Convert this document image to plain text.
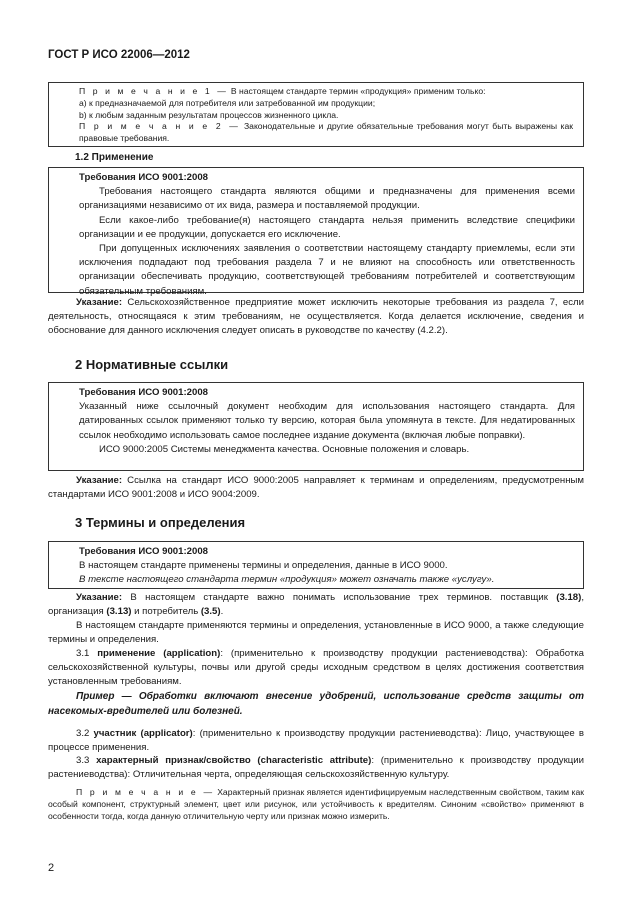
ГОСТ Р ИСО 22006—2012

П р и м е ч а н и е 1 — В настоящем стандарте термин «продукция» применим только:

a) к предназначаемой для потребителя или затребованной им продукции;

b) к любым заданным результатам процессов жизненного цикла.

П р и м е ч а н и е 2 — Законодательные и другие обязательные требования могут быть выражены как правовые требования.

1.2 Применение

Требования ИСО 9001:2008

Требования настоящего стандарта являются общими и предназначены для применения всеми организациями независимо от их вида, размера и поставляемой продукции.

Если какое-либо требование(я) настоящего стандарта нельзя применить вследствие специфики организации и ее продукции, допускается его исключение.

При допущенных исключениях заявления о соответствии настоящему стандарту приемлемы, если эти исключения подпадают под требования раздела 7 и не влияют на способность или ответственность организации обеспечивать продукцию, соответствующей требованиям потребителей и соответствующим обязательным требованиям.

Указание: Сельскохозяйственное предприятие может исключить некоторые требования из раздела 7, если деятельность, относящаяся к этим требованиям, не осуществляется. Когда делается исключение, сведения и обоснование для данного исключения следует описать в руководстве по качеству (4.2.2).
2 Нормативные ссылки

Требования ИСО 9001:2008

Указанный ниже ссылочный документ необходим для использования настоящего стандарта. Для датированных ссылок применяют только ту версию, которая была упомянута в тексте. Для недатированных ссылок необходимо использовать самое последнее издание документа (включая любые поправки).

ИСО 9000:2005 Системы менеджмента качества. Основные положения и словарь.

Указание: Ссылка на стандарт ИСО 9000:2005 направляет к терминам и определениям, предусмотренным стандартами ИСО 9001:2008 и ИСО 9004:2009.
3 Термины и определения

Требования ИСО 9001:2008

В настоящем стандарте применены термины и определения, данные в ИСО 9000.

В тексте настоящего стандарта термин «продукция» может означать также «услугу».

Указание: В настоящем стандарте важно понимать использование трех терминов. поставщик (3.18), организация (3.13) и потребитель (3.5).
В настоящем стандарте применяются термины и определения, установленные в ИСО 9000, а также следующие термины и определения.
3.1 применение (application): (применительно к производству продукции растениеводства): Обработка сельскохозяйственной культуры, почвы или другой среды исходным средством в целях достижения соответствия установленным требованиям.
Пример — Обработки включают внесение удобрений, использование средств защиты от насекомых-вредителей или болезней.
3.2 участник (applicator): (применительно к производству продукции растениеводства): Лицо, участвующее в процессе применения.
3.3 характерный признак/свойство (characteristic attribute): (применительно к производству продукции растениеводства): Отличительная черта, определяющая сельскохозяйственную культуру.
П р и м е ч а н и е — Характерный признак является идентифицируемым наследственным свойством, таким как особый компонент, структурный элемент, цвет или рисунок, или устойчивость к вредителям. Синоним «свойство» применяют в особенности тогда, когда данную отличительную черту или признак можно измерить.
2
